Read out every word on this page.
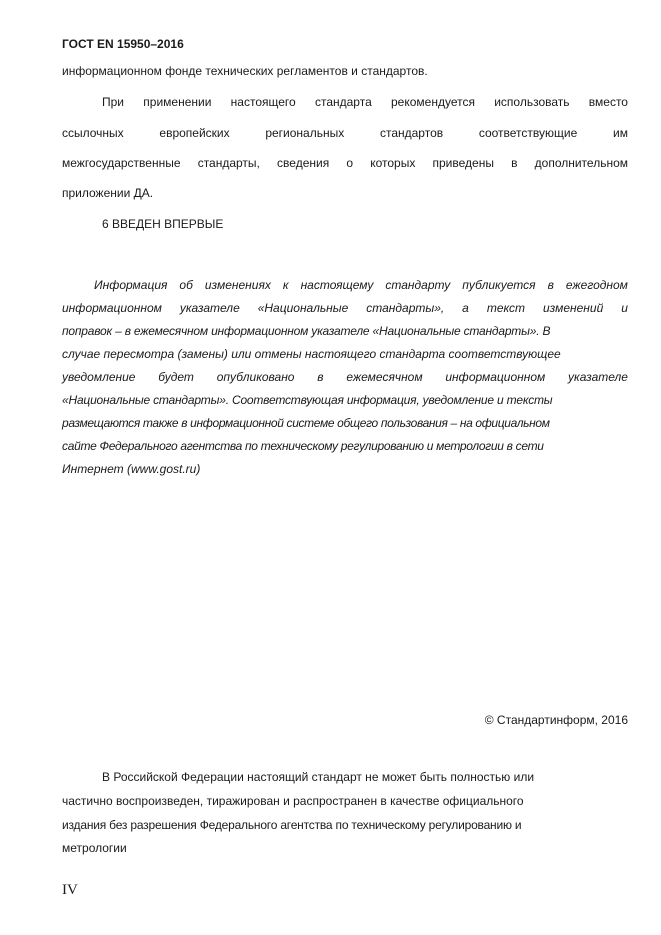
ГОСТ EN 15950–2016
информационном фонде технических регламентов и стандартов.
При применении настоящего стандарта рекомендуется использовать вместо
ссылочных	европейских	региональных	стандартов	соответствующие	им
межгосударственные стандарты, сведения о которых приведены в дополнительном
приложении ДА.
6 ВВЕДЕН ВПЕРВЫЕ
Информация об изменениях к настоящему стандарту публикуется в ежегодном
информационном указателе «Национальные стандарты», а текст изменений и
поправок – в ежемесячном информационном указателе «Национальные стандарты». В
случае пересмотра (замены) или отмены настоящего стандарта соответствующее
уведомление будет опубликовано в ежемесячном информационном указателе
«Национальные стандарты». Соответствующая информация, уведомление и тексты
размещаются также в информационной системе общего пользования – на официальном
сайте Федерального агентства по техническому регулированию и метрологии в сети
Интернет (www.gost.ru)
© Стандартинформ, 2016
В Российской Федерации настоящий стандарт не может быть полностью или
частично воспроизведен, тиражирован и распространен в качестве официального
издания без разрешения Федерального агентства по техническому регулированию и
метрологии
IV
